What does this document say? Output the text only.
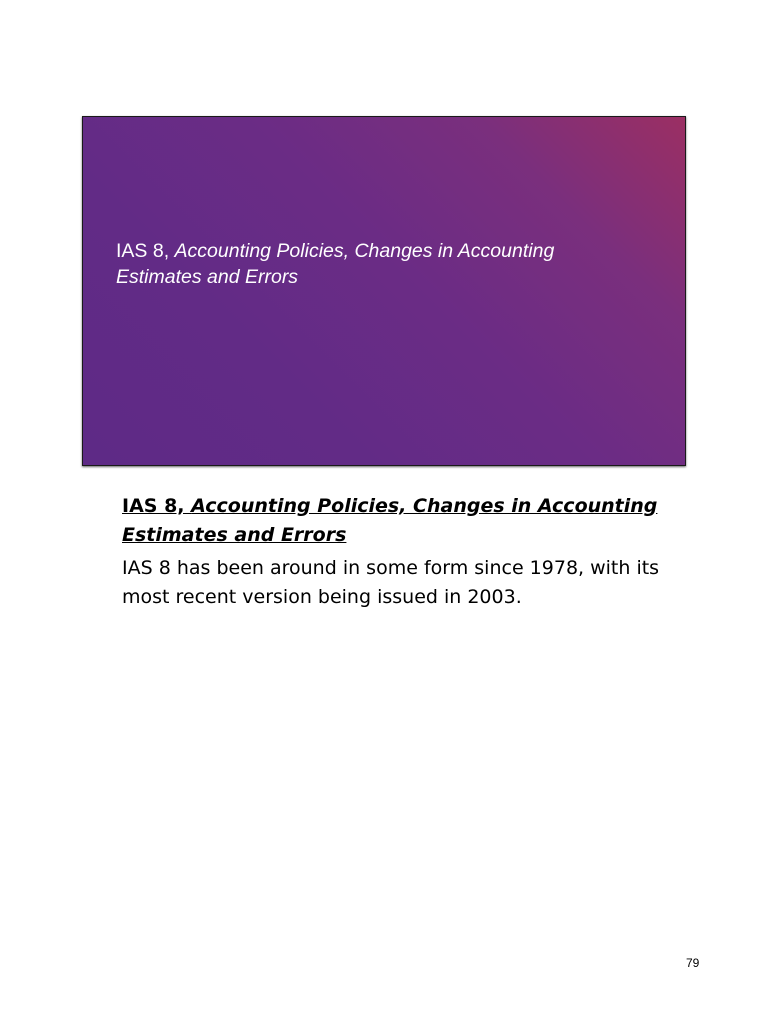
IAS 8, Accounting Policies, Changes in Accounting Estimates and Errors

IAS 8, Accounting Policies, Changes in Accounting Estimates and Errors

IAS 8 has been around in some form since 1978, with its most recent version being issued in 2003.

79
